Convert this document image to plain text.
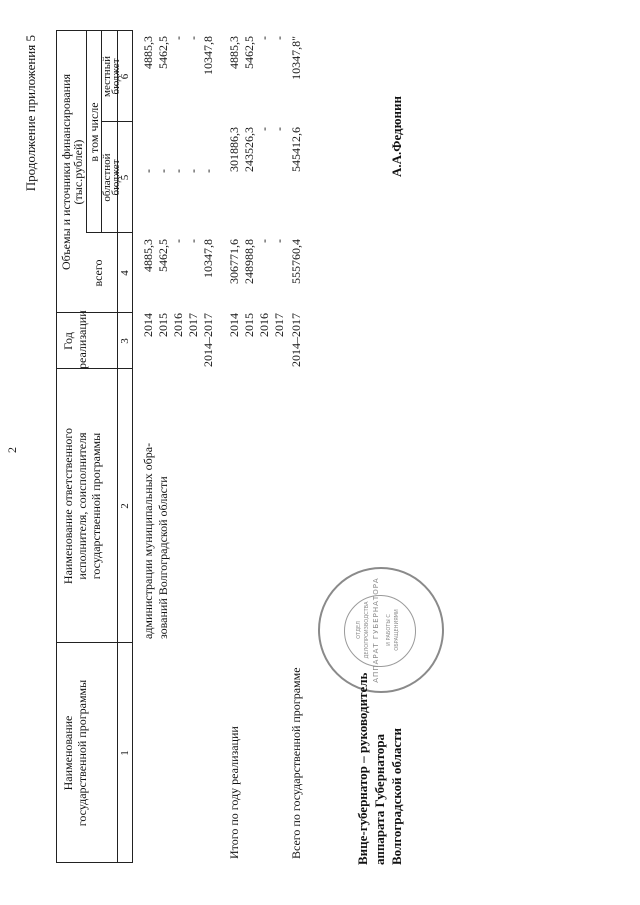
2
Продолжение приложения 5
Наименование государственной программы
Наименование ответственного исполнителя, соисполнителя государственной программы
Год реализации
Объемы и источники финансирования
(тыс.рублей)
всего
в том числе
областной
бюджет
местный
бюджет
1
2
3
4
5
6
администрации муниципальных обра- зований Волгоградской области
2014
4885,3
-
4885,3
2015
5462,5
-
5462,5
2016
-
-
-
2017
-
-
-
2014–2017
10347,8
-
10347,8
Итого по году реализации
2014
306771,6
301886,3
4885,3
2015
248988,8
243526,3
5462,5
2016
-
-
-
2017
-
-
-
Всего по государственной программе
2014–2017
555760,4
545412,6
10347,8"
АППАРАТ ГУБЕРНАТОРА
ОТДЕЛ ДЕЛОПРОИЗВОДСТВА	И РАБОТЫ С ОБРАЩЕНИЯМИ
Вице-губернатор – руководитель аппарата Губернатора Волгоградской области
А.А.Федюнин
